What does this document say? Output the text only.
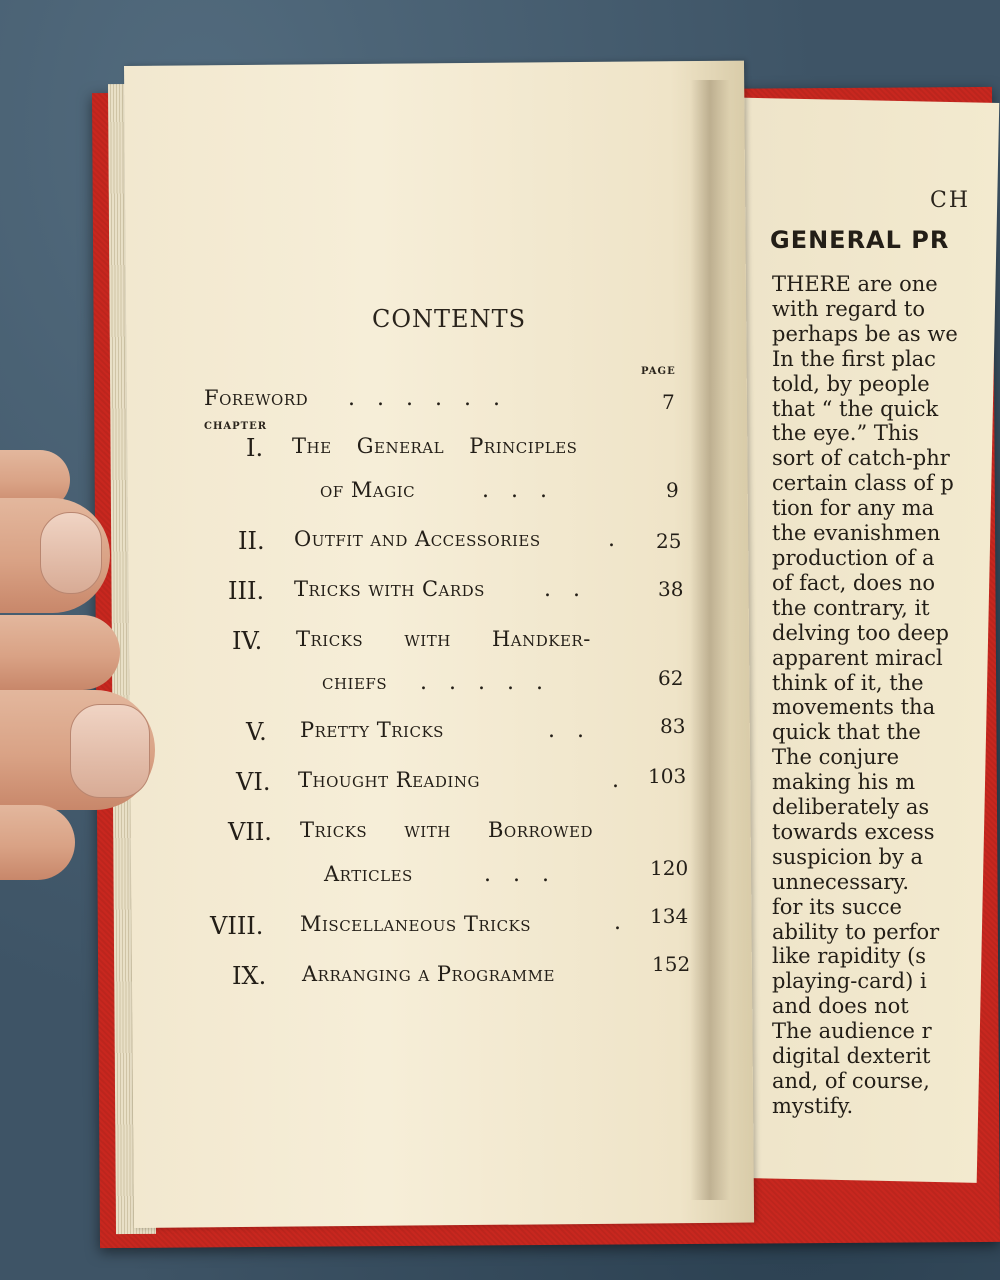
CONTENTS
PAGE
Foreword ......	7
CHAPTER
I. The General Principles
of Magic	...	9
II. Outfit and Accessories	. 25
III. Tricks with Cards	..	38
IV. Tricks with Handker-
chiefs .....	62
V. Pretty Tricks	..	83
VI. Thought Reading	. 103
VII. Tricks with Borrowed
Articles	...	120
VIII. Miscellaneous Tricks	. 134
IX. Arranging a Programme	152
CH
GENERAL PR
THERE are one
with regard to
perhaps be as we
In the first plac
told, by people
that “ the quick
the eye.” This
sort of catch-phr
certain class of p
tion for any ma
the evanishmen
production of a
of fact, does no
the contrary, it
delving too deep
apparent miracl
think of it, the
movements tha
quick that the
The conjure
making his m
deliberately as
towards excess
suspicion by a
unnecessary.
for its succe
ability to perfor
like rapidity (s
playing-card) i
and does not
The audience r
digital dexterit
and, of course,
mystify.
